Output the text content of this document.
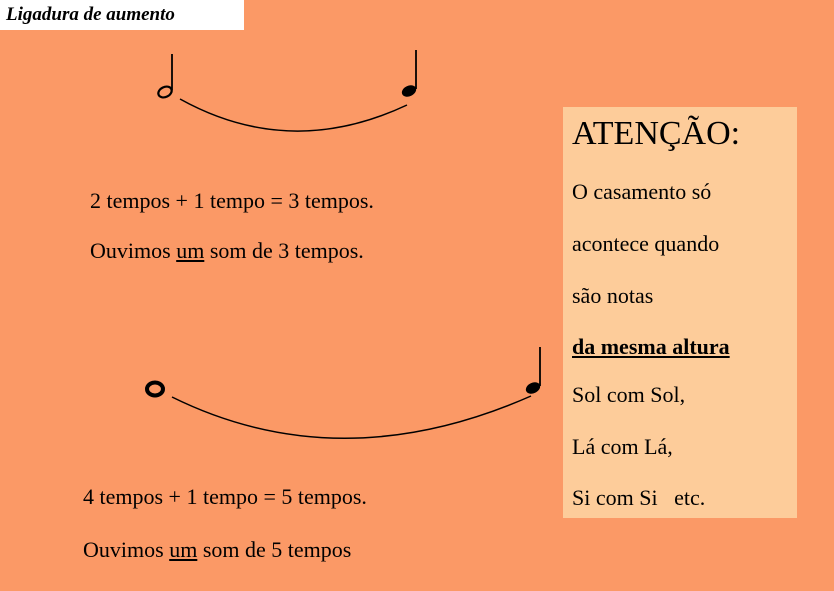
Ligadura de aumento
2 tempos + 1 tempo = 3 tempos.
Ouvimos um som de 3 tempos.
4 tempos + 1 tempo = 5 tempos.
Ouvimos um som de 5 tempos
ATENÇÃO:
O casamento só
acontece quando
são notas
da mesma altura
Sol com Sol,
Lá com Lá,
Si com Si   etc.
